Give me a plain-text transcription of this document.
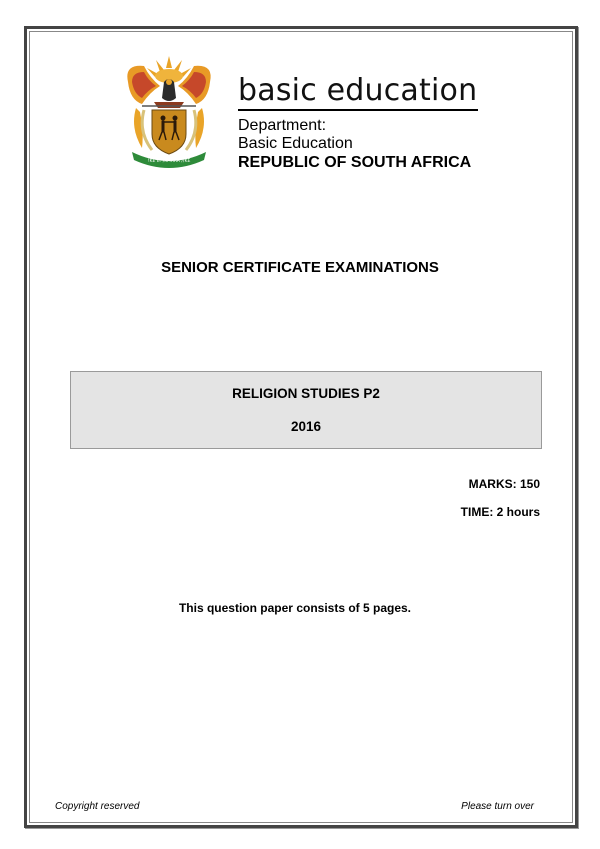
!KE E: /XARRA //KE
basic education
Department:
Basic Education
REPUBLIC OF SOUTH AFRICA
SENIOR CERTIFICATE EXAMINATIONS
RELIGION STUDIES P2
2016
MARKS: 150
TIME: 2 hours
This question paper consists of 5 pages.
Copyright reserved	Please turn over
